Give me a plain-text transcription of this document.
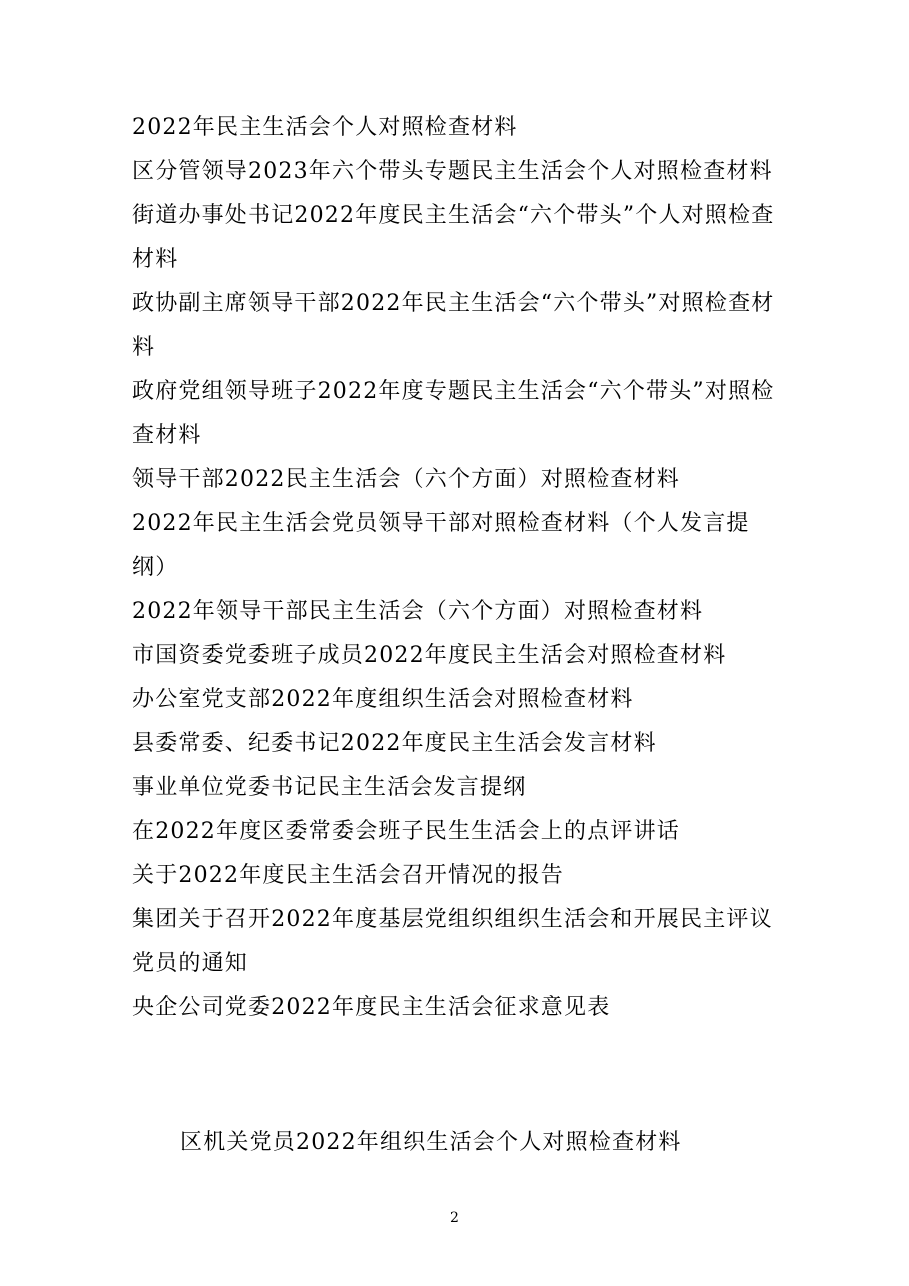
2022年民主生活会个人对照检查材料

区分管领导2023年六个带头专题民主生活会个人对照检查材料

街道办事处书记2022年度民主生活会“六个带头”个人对照检查材料

政协副主席领导干部2022年民主生活会“六个带头”对照检查材料

政府党组领导班子2022年度专题民主生活会“六个带头”对照检查材料

领导干部2022民主生活会（六个方面）对照检查材料

2022年民主生活会党员领导干部对照检查材料（个人发言提纲）

2022年领导干部民主生活会（六个方面）对照检查材料

市国资委党委班子成员2022年度民主生活会对照检查材料

办公室党支部2022年度组织生活会对照检查材料

县委常委、纪委书记2022年度民主生活会发言材料

事业单位党委书记民主生活会发言提纲

在2022年度区委常委会班子民生生活会上的点评讲话

关于2022年度民主生活会召开情况的报告

集团关于召开2022年度基层党组织组织生活会和开展民主评议党员的通知

央企公司党委2022年度民主生活会征求意见表

区机关党员2022年组织生活会个人对照检查材料

2
